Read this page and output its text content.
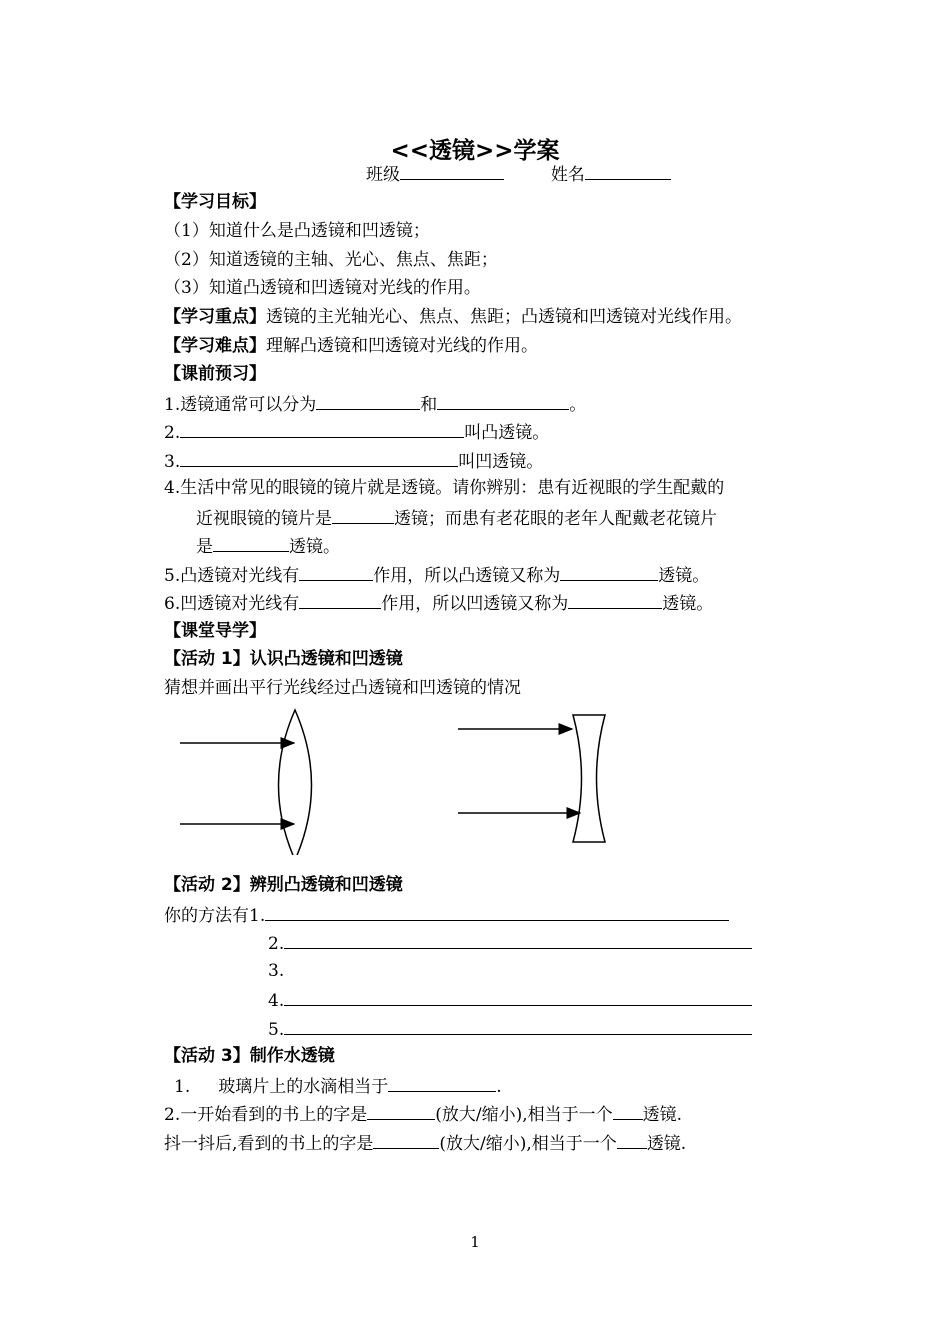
<<透镜>>学案
班级	姓名
【学习目标】
（1）知道什么是凸透镜和凹透镜；
（2）知道透镜的主轴、光心、焦点、焦距；
（3）知道凸透镜和凹透镜对光线的作用。
【学习重点】透镜的主光轴光心、焦点、焦距；凸透镜和凹透镜对光线作用。
【学习难点】理解凸透镜和凹透镜对光线的作用。
【课前预习】
1.透镜通常可以分为	和	。
2.	叫凸透镜。
3.	叫凹透镜。
4.生活中常见的眼镜的镜片就是透镜。请你辨别：患有近视眼的学生配戴的
近视眼镜的镜片是	透镜；而患有老花眼的老年人配戴老花镜片
是	透镜。
5.凸透镜对光线有	作用，所以凸透镜又称为	透镜。
6.凹透镜对光线有	作用，所以凹透镜又称为	透镜。
【课堂导学】
【活动 1】认识凸透镜和凹透镜
猜想并画出平行光线经过凸透镜和凹透镜的情况
【活动 2】辨别凸透镜和凹透镜
你的方法有1.
2.
3.
4.
5.
【活动 3】制作水透镜
1. 玻璃片上的水滴相当于	.
2.一开始看到的书上的字是	(放大/缩小),相当于一个 透镜.
抖一抖后,看到的书上的字是	(放大/缩小),相当于一个 透镜.
1
